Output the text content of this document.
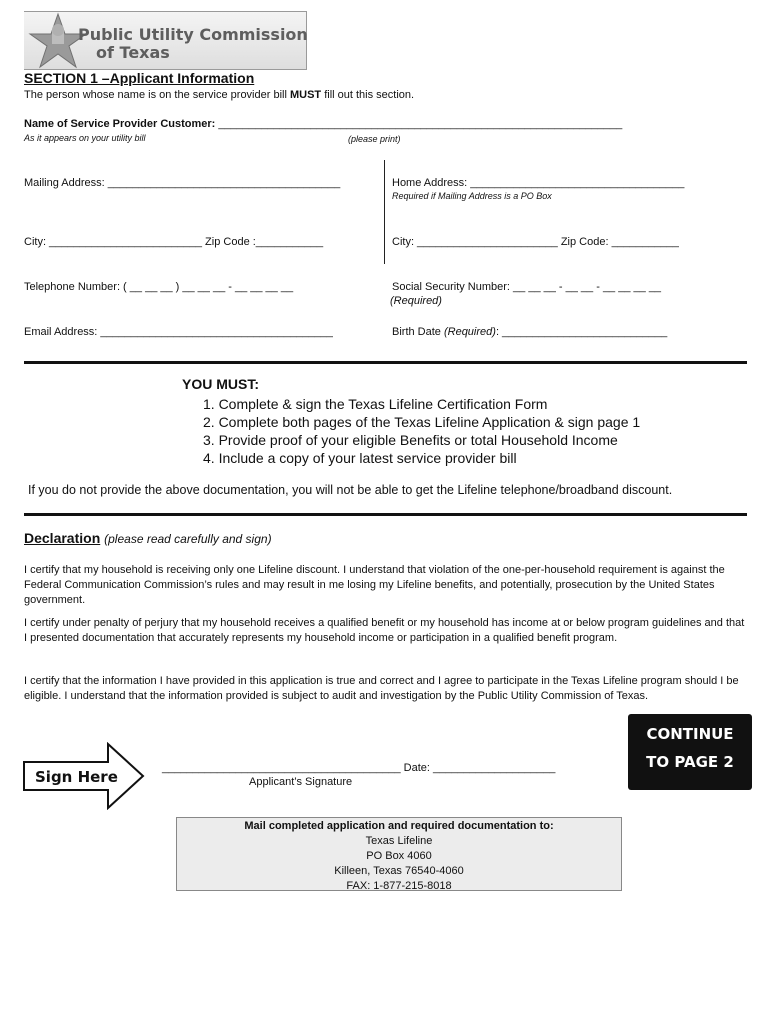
Public Utility Commission
of Texas
SECTION 1 –Applicant Information
The person whose name is on the service provider bill MUST fill out this section.
Name of Service Provider Customer: __________________________________________________________________
As it appears on your utility bill	(please print)
Mailing Address: ______________________________________	Home Address: ___________________________________
Required if Mailing Address is a PO Box
City: _________________________ Zip Code :___________	City: _______________________ Zip Code: ___________
Telephone Number: ( __ __ __ ) __ __ __ - __ __ __ __	Social Security Number: __ __ __ - __ __ - __ __ __ __
(Required)
Email Address: ______________________________________	Birth Date (Required): ___________________________
YOU MUST:
1. Complete & sign the Texas Lifeline Certification Form
2. Complete both pages of the Texas Lifeline Application & sign page 1
3. Provide proof of your eligible Benefits or total Household Income
4. Include a copy of your latest service provider bill
If you do not provide the above documentation, you will not be able to get the Lifeline telephone/broadband discount.
Declaration (please read carefully and sign)

I certify that my household is receiving only one Lifeline discount. I understand that violation of the one-per-household requirement is against the Federal Communication Commission’s rules and may result in me losing my Lifeline benefits, and potentially, prosecution by the United States government.

I certify under penalty of perjury that my household receives a qualified benefit or my household has income at or below program guidelines and that I presented documentation that accurately represents my household income or participation in a qualified benefit program.

I certify that the information I have provided in this application is true and correct and I agree to participate in the Texas Lifeline program should I be eligible. I understand that the information provided is subject to audit and investigation by the Public Utility Commission of Texas.

Sign Here	_______________________________________ Date: ____________________
Applicant’s Signature
CONTINUE
TO PAGE 2
Mail completed application and required documentation to:
Texas Lifeline
PO Box 4060
Killeen, Texas 76540-4060
FAX: 1-877-215-8018
